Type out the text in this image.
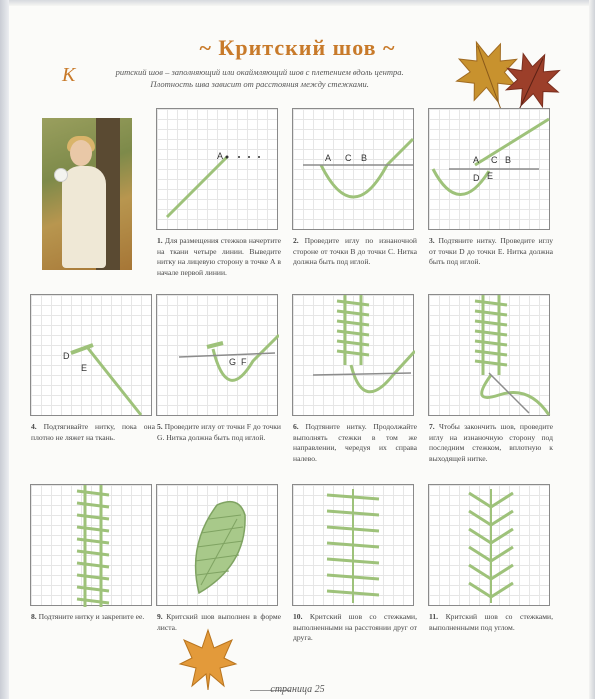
~ Критский шов ~
К	ритский шов – заполняющий или окаймляющий шов с плетением вдоль центра.
Плотность шва зависит от расстояния между стежками.
A
1. Для размещения стежков начертите на ткани четыре линии. Выведите нитку на лицевую сторону в точке А в начале первой линии.
A C B
2. Проведите иглу по изнаночной стороне от точки В до точки С. Нитка должна быть под иглой.
A C B
D E
3. Подтяните нитку. Проведите иглу от точки D до точки Е. Нитка должна быть под иглой.
D
E
4. Подтягивайте нитку, пока она плотно не ляжет на ткань.
G F
5. Проведите иглу от точки F до точки G. Нитка должна быть под иглой.
6. Подтяните нитку. Продолжайте выполнять стежки в том же направлении, чередуя их справа налево.
7. Чтобы закончить шов, проведите иглу на изнаночную сторону под последним стежком, вплотную к выходящей нитке.
8. Подтяните нитку и закрепите ее.	9. Критский шов выполнен в форме листа.
10. Критский шов со стежками, выполненными на расстоянии друг от друга.
11. Критский шов со стежками, выполненными под углом.
страница 25
